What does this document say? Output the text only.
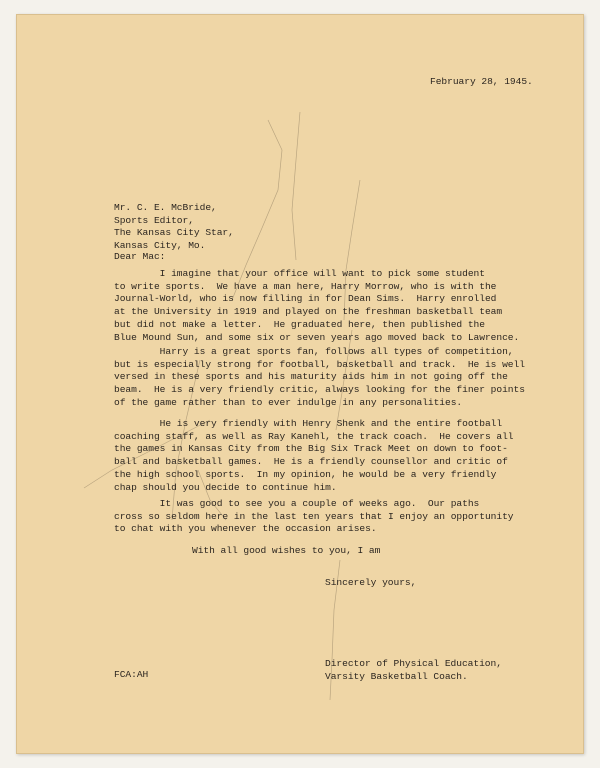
February 28, 1945.
Mr. C. E. McBride,
Sports Editor,
The Kansas City Star,
Kansas City, Mo.
Dear Mac:
I imagine that your office will want to pick some student
to write sports.  We have a man here, Harry Morrow, who is with the
Journal-World, who is now filling in for Dean Sims.  Harry enrolled
at the University in 1919 and played on the freshman basketball team
but did not make a letter.  He graduated here, then published the
Blue Mound Sun, and some six or seven years ago moved back to Lawrence.
Harry is a great sports fan, follows all types of competition,
but is especially strong for football, basketball and track.  He is well
versed in these sports and his maturity aids him in not going off the
beam.  He is a very friendly critic, always looking for the finer points
of the game rather than to ever indulge in any personalities.
He is very friendly with Henry Shenk and the entire football
coaching staff, as well as Ray Kanehl, the track coach.  He covers all
the games in Kansas City from the Big Six Track Meet on down to foot-
ball and basketball games.  He is a friendly counsellor and critic of
the high school sports.  In my opinion, he would be a very friendly
chap should you decide to continue him.
It was good to see you a couple of weeks ago.  Our paths
cross so seldom here in the last ten years that I enjoy an opportunity
to chat with you whenever the occasion arises.
With all good wishes to you, I am
Sincerely yours,
Director of Physical Education,
Varsity Basketball Coach.
FCA:AH
